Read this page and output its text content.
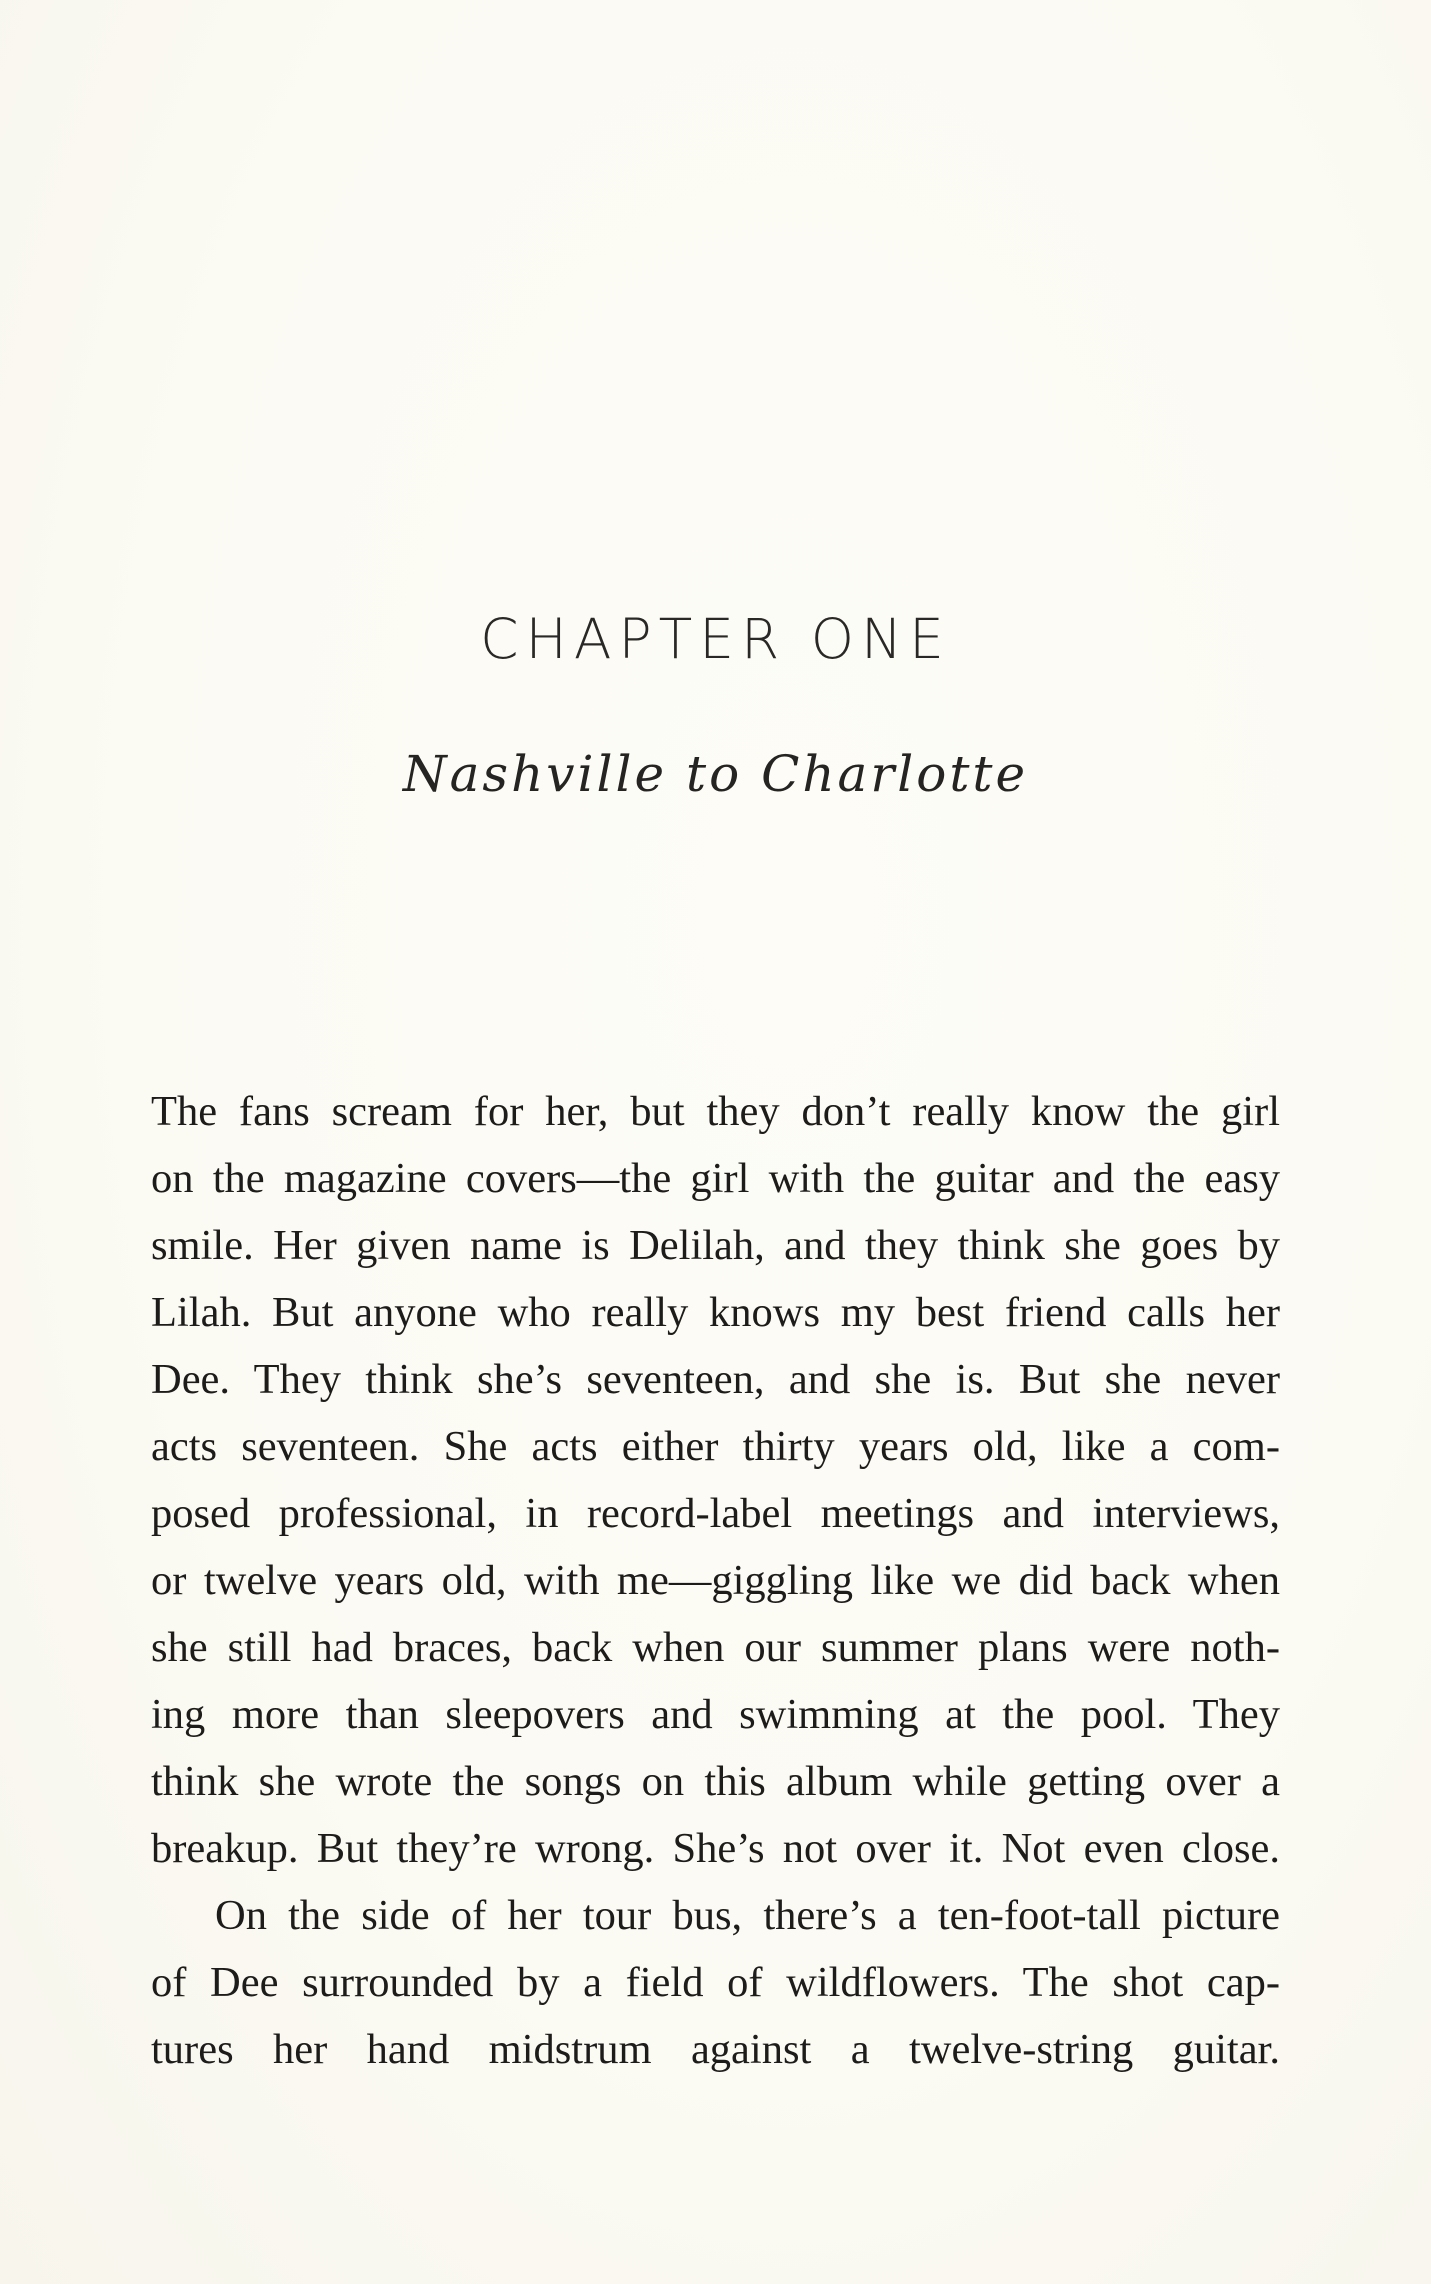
CHAPTER ONE
Nashville to Charlotte
The fans scream for her, but they don’t really know the girl
on the magazine covers—the girl with the guitar and the easy
smile. Her given name is Delilah, and they think she goes by
Lilah. But anyone who really knows my best friend calls her
Dee. They think she’s seventeen, and she is. But she never
acts seventeen. She acts either thirty years old, like a com-
posed professional, in record-label meetings and interviews,
or twelve years old, with me—giggling like we did back when
she still had braces, back when our summer plans were noth-
ing more than sleepovers and swimming at the pool. They
think she wrote the songs on this album while getting over a
breakup. But they’re wrong. She’s not over it. Not even close.
On the side of her tour bus, there’s a ten-foot-tall picture
of Dee surrounded by a field of wildflowers. The shot cap-
tures her hand midstrum against a twelve-string guitar.
